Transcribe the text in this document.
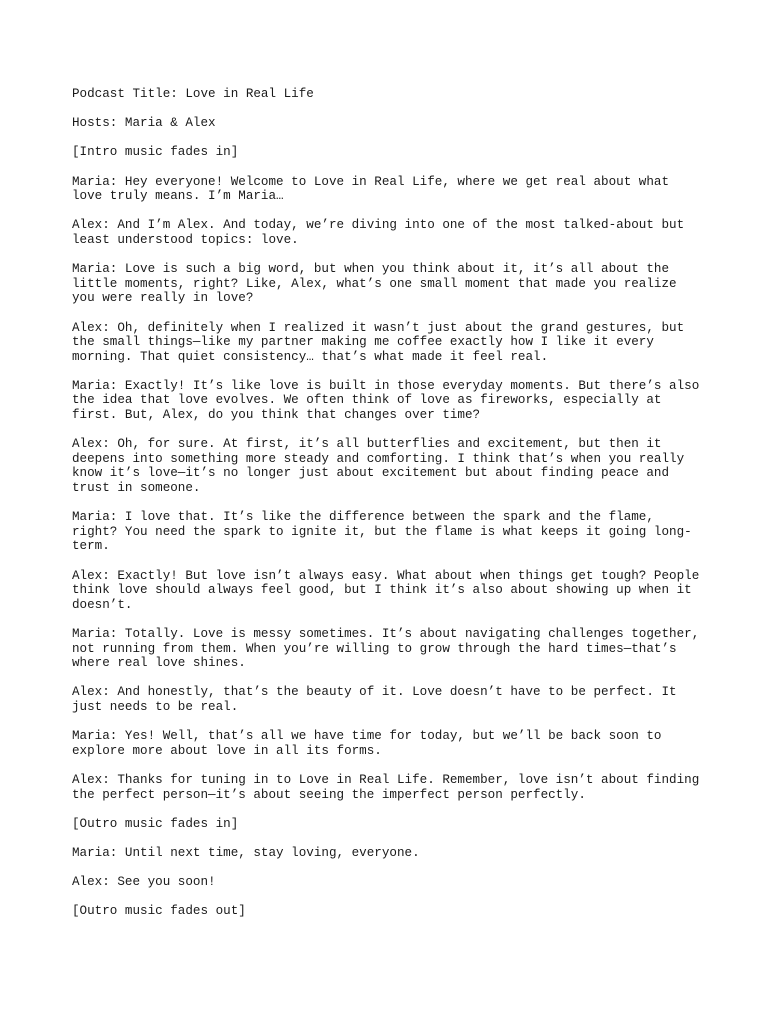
Podcast Title: Love in Real Life

Hosts: Maria & Alex

[Intro music fades in]

Maria: Hey everyone! Welcome to Love in Real Life, where we get real about what
love truly means. I’m Maria…

Alex: And I’m Alex. And today, we’re diving into one of the most talked-about but
least understood topics: love.

Maria: Love is such a big word, but when you think about it, it’s all about the
little moments, right? Like, Alex, what’s one small moment that made you realize
you were really in love?

Alex: Oh, definitely when I realized it wasn’t just about the grand gestures, but
the small things—like my partner making me coffee exactly how I like it every
morning. That quiet consistency… that’s what made it feel real.

Maria: Exactly! It’s like love is built in those everyday moments. But there’s also
the idea that love evolves. We often think of love as fireworks, especially at
first. But, Alex, do you think that changes over time?

Alex: Oh, for sure. At first, it’s all butterflies and excitement, but then it
deepens into something more steady and comforting. I think that’s when you really
know it’s love—it’s no longer just about excitement but about finding peace and
trust in someone.

Maria: I love that. It’s like the difference between the spark and the flame,
right? You need the spark to ignite it, but the flame is what keeps it going long-
term.

Alex: Exactly! But love isn’t always easy. What about when things get tough? People
think love should always feel good, but I think it’s also about showing up when it
doesn’t.

Maria: Totally. Love is messy sometimes. It’s about navigating challenges together,
not running from them. When you’re willing to grow through the hard times—that’s
where real love shines.

Alex: And honestly, that’s the beauty of it. Love doesn’t have to be perfect. It
just needs to be real.

Maria: Yes! Well, that’s all we have time for today, but we’ll be back soon to
explore more about love in all its forms.

Alex: Thanks for tuning in to Love in Real Life. Remember, love isn’t about finding
the perfect person—it’s about seeing the imperfect person perfectly.

[Outro music fades in]

Maria: Until next time, stay loving, everyone.

Alex: See you soon!

[Outro music fades out]
